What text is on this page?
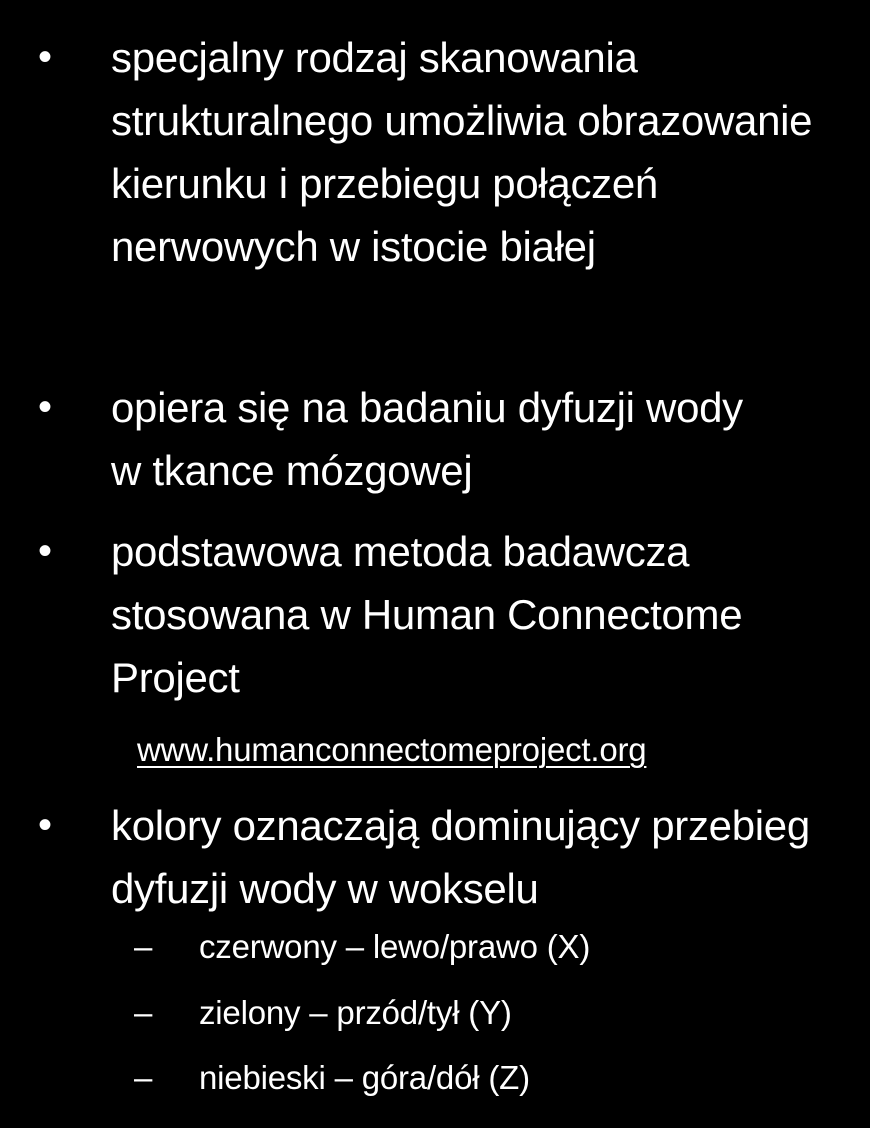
• specjalny rodzaj skanowania strukturalnego umożliwia obrazowanie kierunku i przebiegu połączeń nerwowych w istocie białej
• opiera się na badaniu dyfuzji wody w tkance mózgowej
• podstawowa metoda badawcza stosowana w Human Connectome Project
www.humanconnectomeproject.org
• kolory oznaczają dominujący przebieg dyfuzji wody w wokselu
– czerwony – lewo/prawo (X)
– zielony – przód/tył (Y)
– niebieski – góra/dół (Z)
